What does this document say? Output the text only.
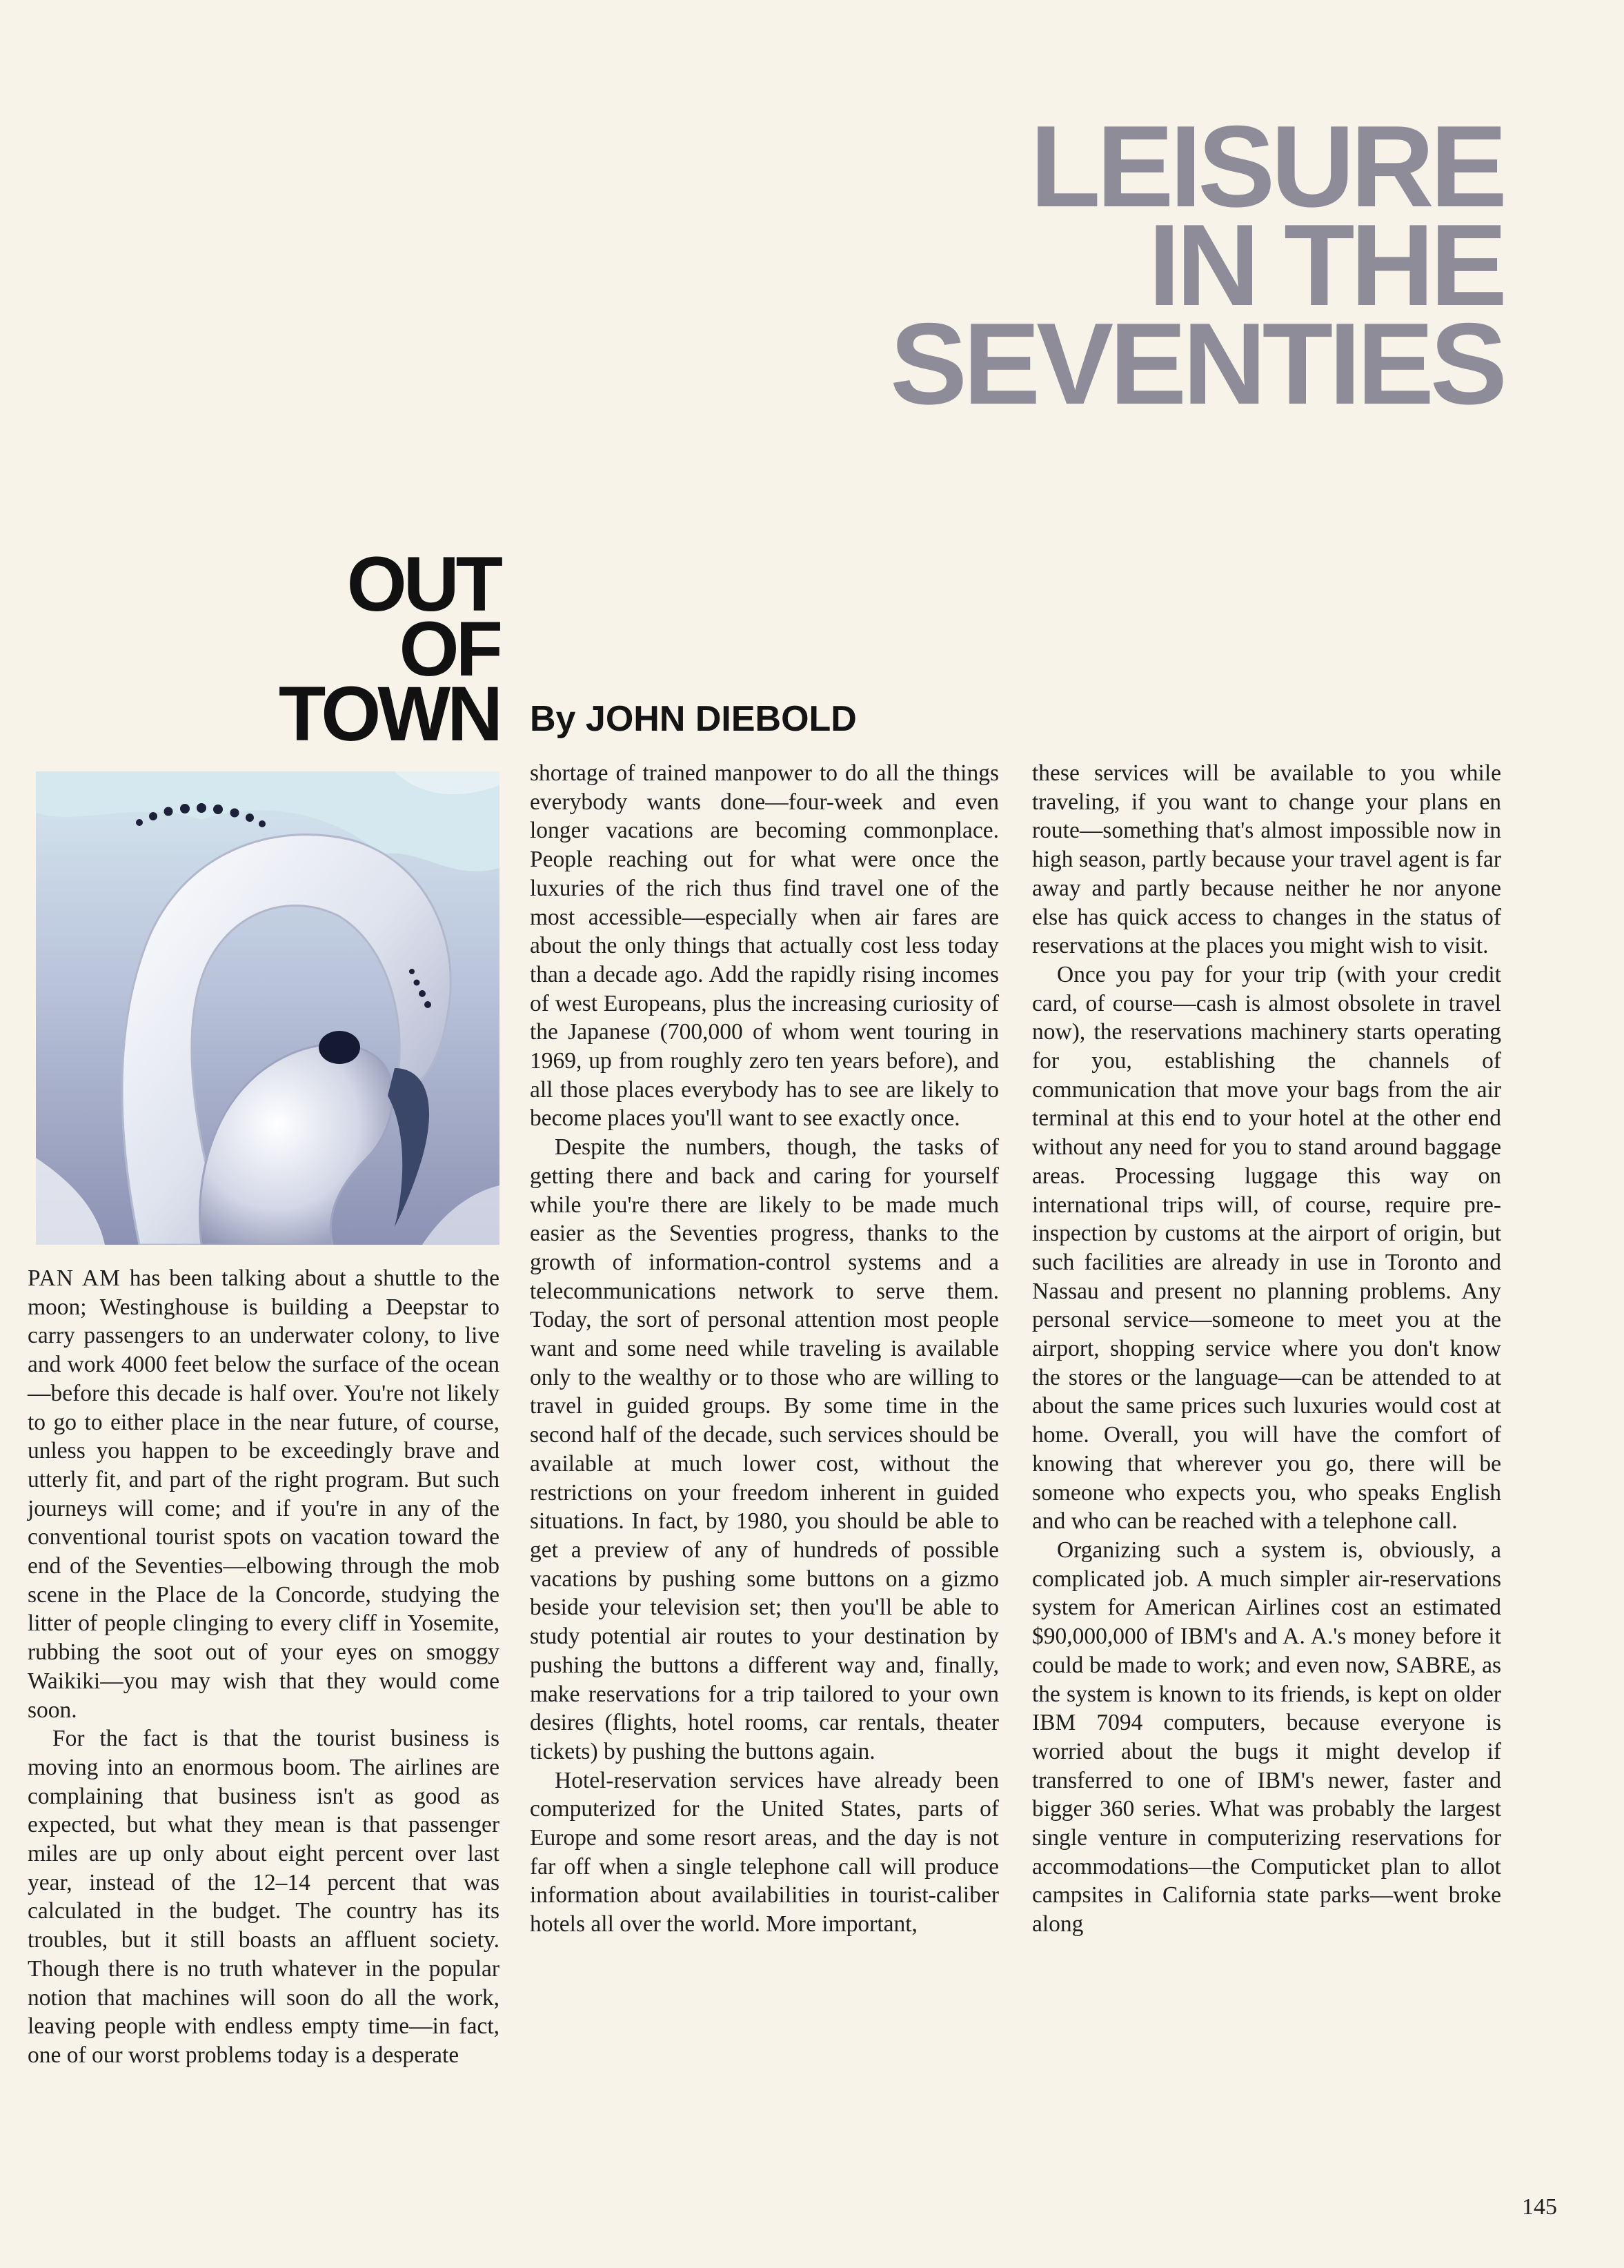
LEISURE
IN THE
SEVENTIES
OUT
OF
TOWN By JOHN DIEBOLD

PAN AM has been talking about a shuttle to the moon; Westinghouse is building a Deepstar to carry passengers to an underwater colony, to live and work 4000 feet below the surface of the ocean—before this decade is half over. You're not likely to go to either place in the near future, of course, unless you happen to be exceedingly brave and utterly fit, and part of the right program. But such journeys will come; and if you're in any of the conventional tourist spots on vacation toward the end of the Seventies—elbowing through the mob scene in the Place de la Concorde, studying the litter of people clinging to every cliff in Yosemite, rubbing the soot out of your eyes on smoggy Waikiki—you may wish that they would come soon.

For the fact is that the tourist business is moving into an enormous boom. The airlines are complaining that business isn't as good as expected, but what they mean is that passenger miles are up only about eight percent over last year, instead of the 12–14 percent that was calculated in the budget. The country has its troubles, but it still boasts an affluent society. Though there is no truth whatever in the popular notion that machines will soon do all the work, leaving people with endless empty time—in fact, one of our worst problems today is a desperate

shortage of trained manpower to do all the things everybody wants done—four-week and even longer vacations are becoming commonplace. People reaching out for what were once the luxuries of the rich thus find travel one of the most accessible—especially when air fares are about the only things that actually cost less today than a decade ago. Add the rapidly rising incomes of west Europeans, plus the increasing curiosity of the Japanese (700,000 of whom went touring in 1969, up from roughly zero ten years before), and all those places everybody has to see are likely to become places you'll want to see exactly once.

Despite the numbers, though, the tasks of getting there and back and caring for yourself while you're there are likely to be made much easier as the Seventies progress, thanks to the growth of information-control systems and a telecommunications network to serve them. Today, the sort of personal attention most people want and some need while traveling is available only to the wealthy or to those who are willing to travel in guided groups. By some time in the second half of the decade, such services should be available at much lower cost, without the restrictions on your freedom inherent in guided situations. In fact, by 1980, you should be able to get a preview of any of hundreds of possible vacations by pushing some buttons on a gizmo beside your television set; then you'll be able to study potential air routes to your destination by pushing the buttons a different way and, finally, make reservations for a trip tailored to your own desires (flights, hotel rooms, car rentals, theater tickets) by pushing the buttons again.

Hotel-reservation services have already been computerized for the United States, parts of Europe and some resort areas, and the day is not far off when a single telephone call will produce information about availabilities in tourist-caliber hotels all over the world. More important,

these services will be available to you while traveling, if you want to change your plans en route—something that's almost impossible now in high season, partly because your travel agent is far away and partly because neither he nor anyone else has quick access to changes in the status of reservations at the places you might wish to visit.

Once you pay for your trip (with your credit card, of course—cash is almost obsolete in travel now), the reservations machinery starts operating for you, establishing the channels of communication that move your bags from the air terminal at this end to your hotel at the other end without any need for you to stand around baggage areas. Processing luggage this way on international trips will, of course, require pre-inspection by customs at the airport of origin, but such facilities are already in use in Toronto and Nassau and present no planning problems. Any personal service—someone to meet you at the airport, shopping service where you don't know the stores or the language—can be attended to at about the same prices such luxuries would cost at home. Overall, you will have the comfort of knowing that wherever you go, there will be someone who expects you, who speaks English and who can be reached with a telephone call.

Organizing such a system is, obviously, a complicated job. A much simpler air-reservations system for American Airlines cost an estimated $90,000,000 of IBM's and A. A.'s money before it could be made to work; and even now, SABRE, as the system is known to its friends, is kept on older IBM 7094 computers, because everyone is worried about the bugs it might develop if transferred to one of IBM's newer, faster and bigger 360 series. What was probably the largest single venture in computerizing reservations for accommodations—the Computicket plan to allot campsites in California state parks—went broke along

145
